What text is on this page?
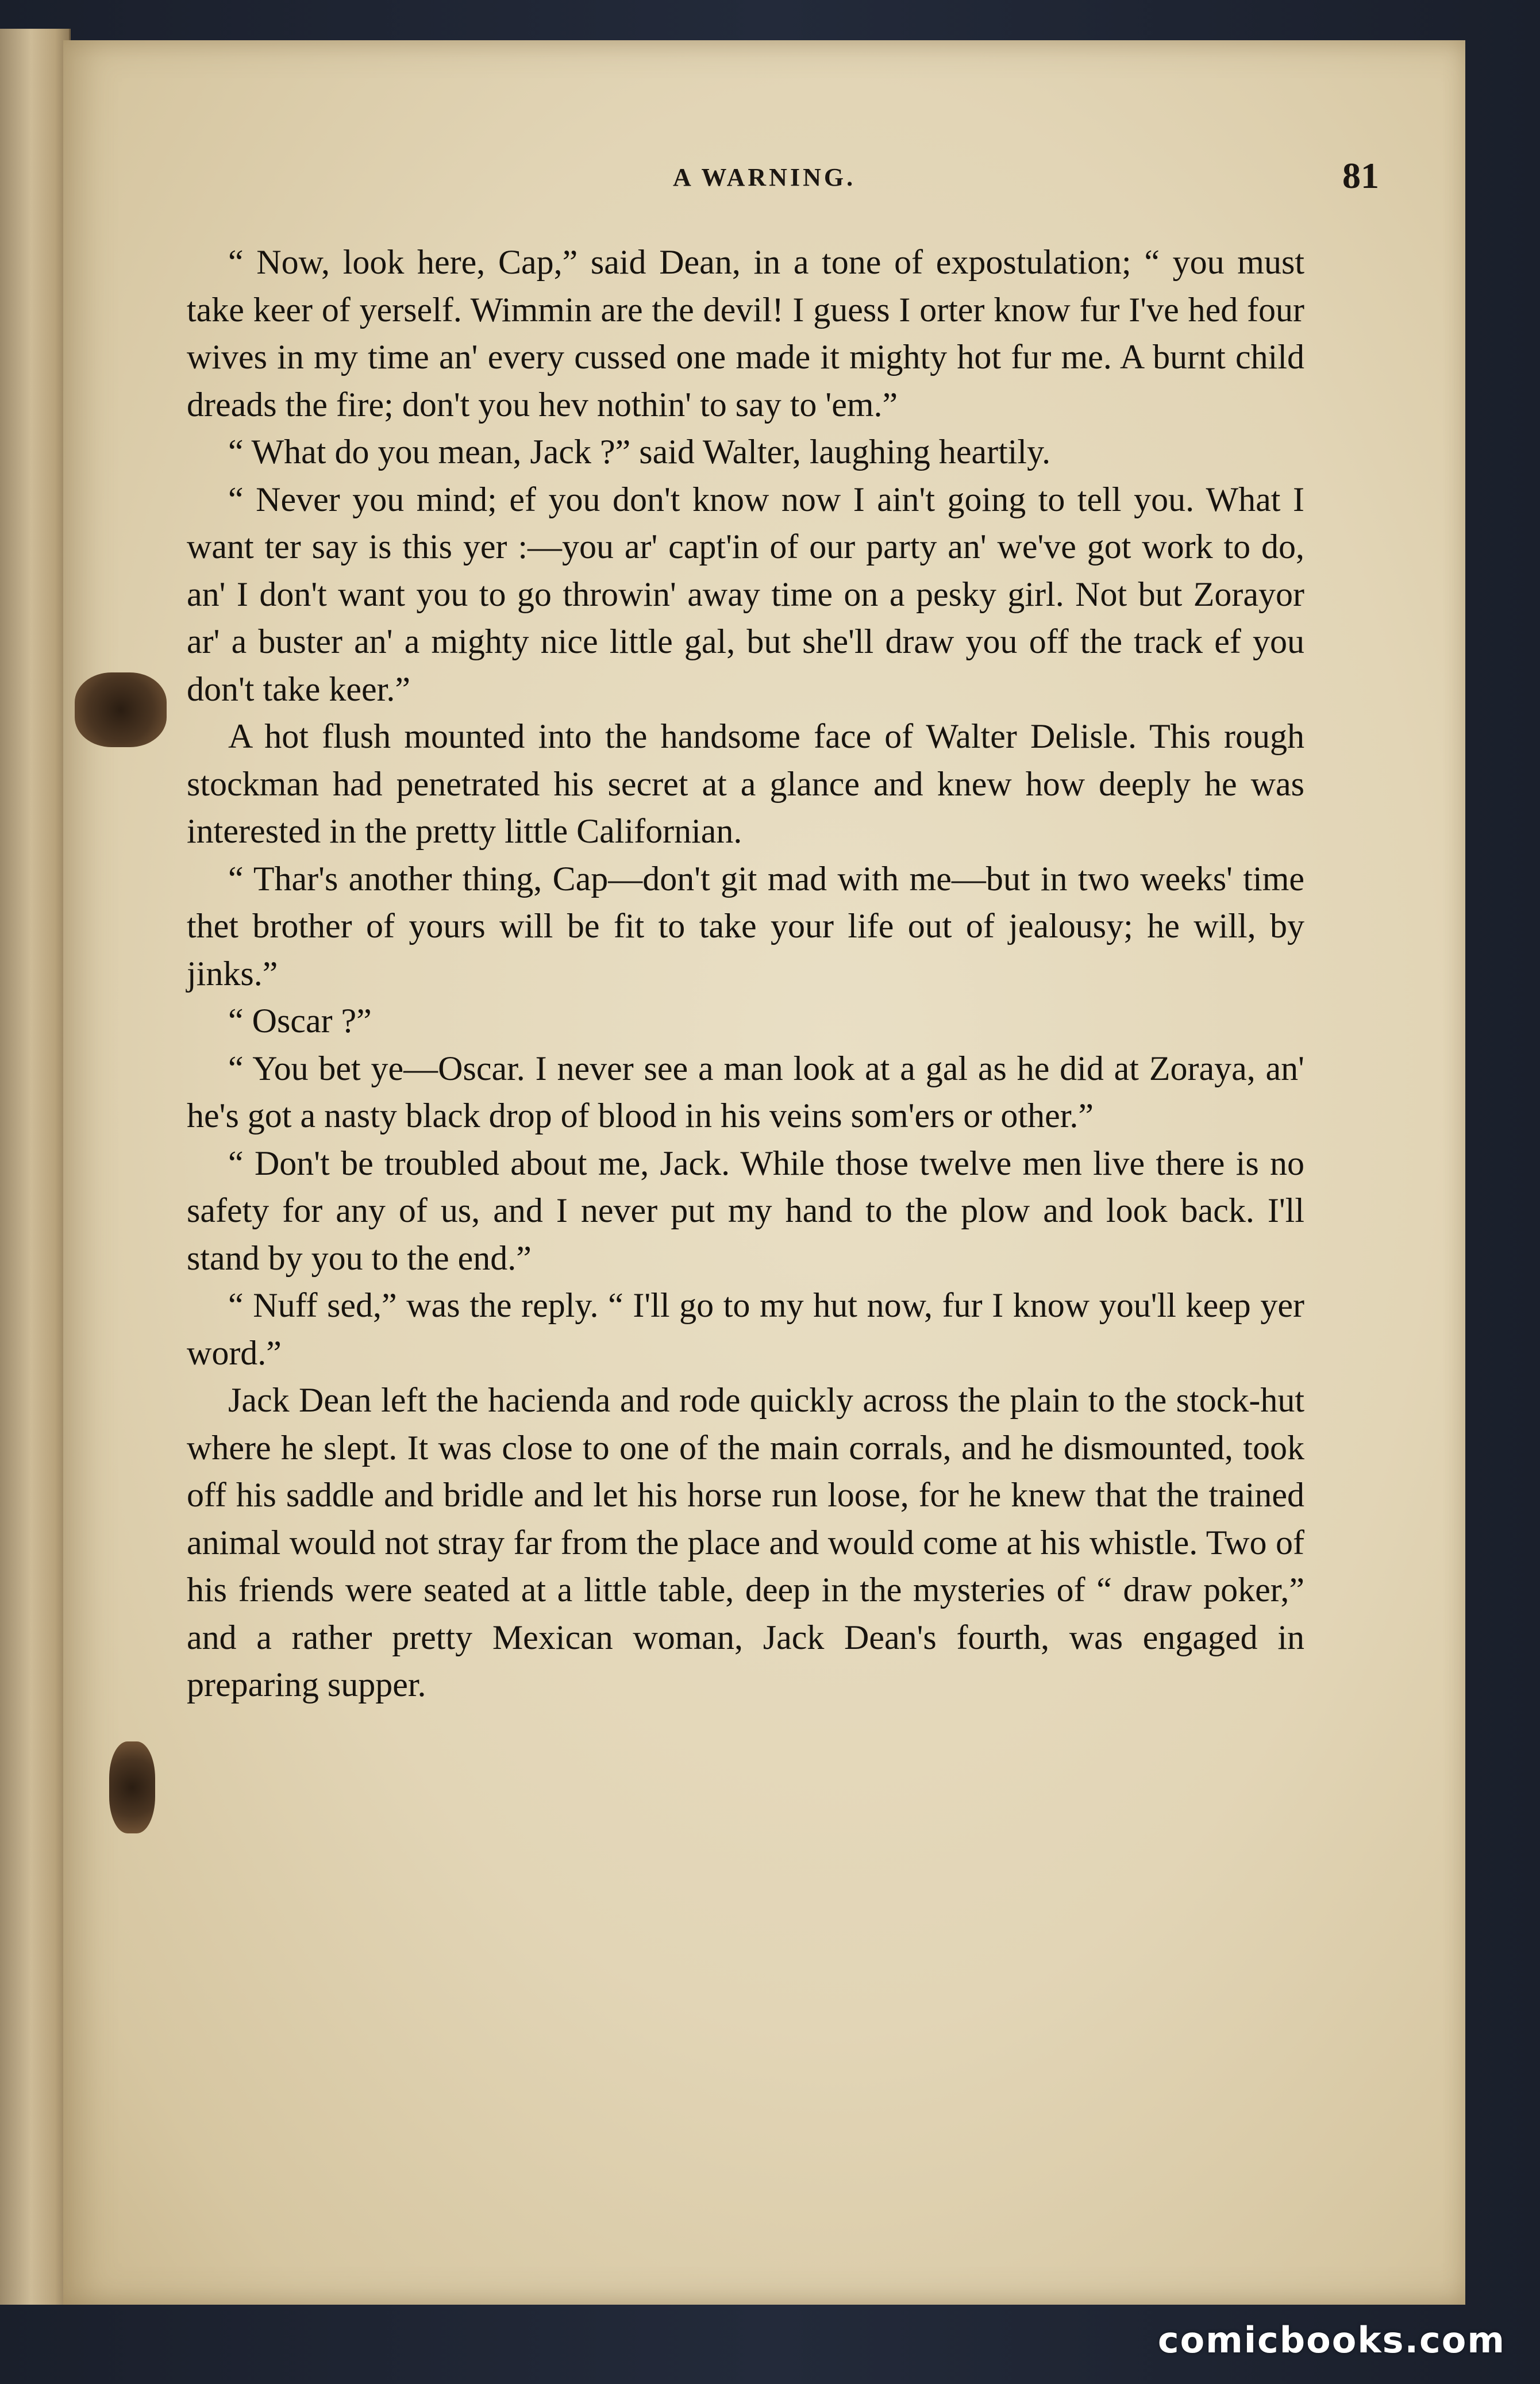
A WARNING.	81

“ Now, look here, Cap,” said Dean, in a tone of expostulation; “ you must take keer of yerself. Wimmin are the devil! I guess I orter know fur I've hed four wives in my time an' every cussed one made it mighty hot fur me. A burnt child dreads the fire; don't you hev nothin' to say to 'em.”

“ What do you mean, Jack ?” said Walter, laughing heartily.

“ Never you mind; ef you don't know now I ain't going to tell you. What I want ter say is this yer :—you ar' capt'in of our party an' we've got work to do, an' I don't want you to go throwin' away time on a pesky girl. Not but Zorayor ar' a buster an' a mighty nice little gal, but she'll draw you off the track ef you don't take keer.”

A hot flush mounted into the handsome face of Walter Delisle. This rough stockman had penetrated his secret at a glance and knew how deeply he was interested in the pretty little Californian.

“ Thar's another thing, Cap—don't git mad with me—but in two weeks' time thet brother of yours will be fit to take your life out of jealousy; he will, by jinks.”

“ Oscar ?”

“ You bet ye—Oscar. I never see a man look at a gal as he did at Zoraya, an' he's got a nasty black drop of blood in his veins som'ers or other.”

“ Don't be troubled about me, Jack. While those twelve men live there is no safety for any of us, and I never put my hand to the plow and look back. I'll stand by you to the end.”

“ Nuff sed,” was the reply. “ I'll go to my hut now, fur I know you'll keep yer word.”

Jack Dean left the hacienda and rode quickly across the plain to the stock-hut where he slept. It was close to one of the main corrals, and he dismounted, took off his saddle and bridle and let his horse run loose, for he knew that the trained animal would not stray far from the place and would come at his whistle. Two of his friends were seated at a little table, deep in the mysteries of “ draw poker,” and a rather pretty Mexican woman, Jack Dean's fourth, was engaged in preparing supper.

comicbooks.com
